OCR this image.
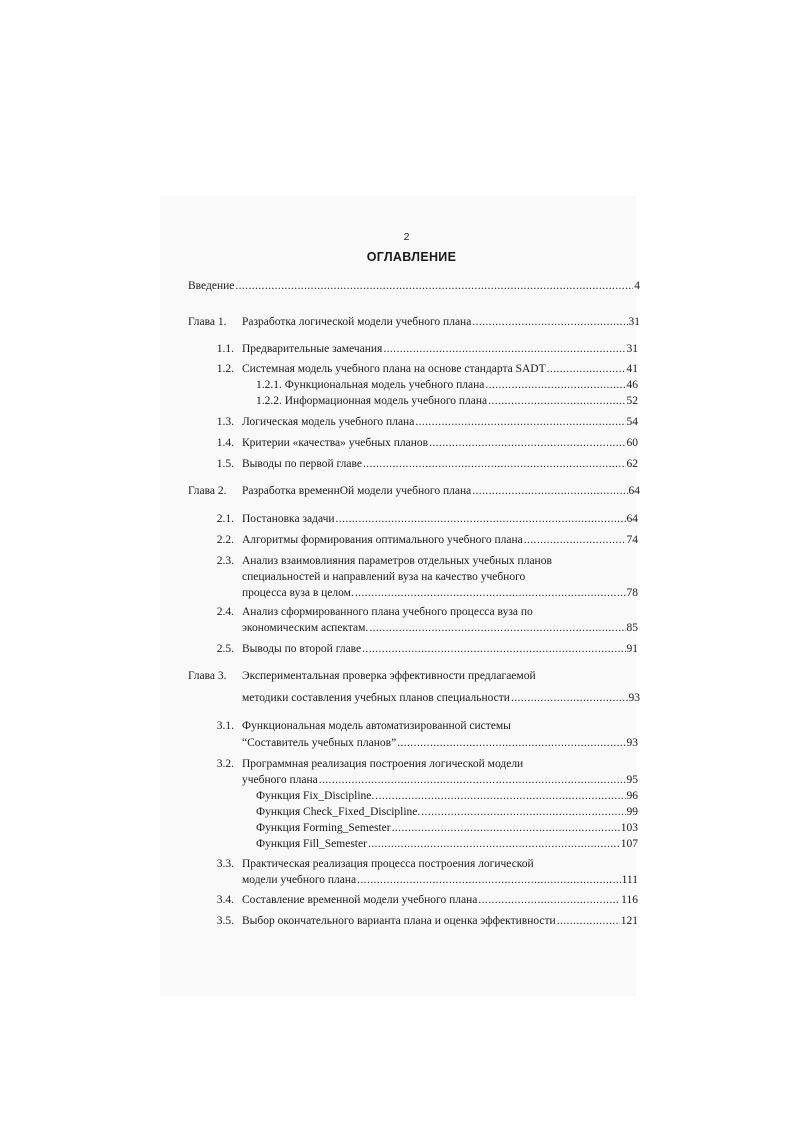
2
ОГЛАВЛЕНИЕ
Введение .....	4
Глава 1. Разработка логической модели учебного плана .....	31
1.1. Предварительные замечания .....	31
1.2. Системная модель учебного плана на основе стандарта SADT .....	41
1.2.1. Функциональная модель учебного плана .....	46
1.2.2. Информационная модель учебного плана .....	52
1.3. Логическая модель учебного плана .....	54
1.4. Критерии «качества» учебных планов .....	60
1.5. Выводы по первой главе .....	62
Глава 2. Разработка временнОй модели учебного плана .....	64
2.1. Постановка задачи .....	64
2.2. Алгоритмы формирования оптимального учебного плана .....	74
2.3. Анализ взаимовлияния параметров отдельных учебных планов
специальностей и направлений вуза на качество учебного
процесса вуза в целом. .....	78
2.4. Анализ сформированного плана учебного процесса вуза по
экономическим аспектам. .....	85
2.5. Выводы по второй главе .....	91
Глава 3. Экспериментальная проверка эффективности предлагаемой
методики составления учебных планов специальности .....	93
3.1. Функциональная модель автоматизированной системы
“Составитель учебных планов” .....	93
3.2. Программная реализация построения логической модели
учебного плана .....	95
Функция Fix_Discipline. .....	96
Функция Check_Fixed_Discipline. .....	99
Функция Forming_Semester .....	103
Функция Fill_Semester .....	107
3.3. Практическая реализация процесса построения логической
модели учебного плана .....	111
3.4. Составление временной модели учебного плана .....	116
3.5. Выбор окончательного варианта плана и оценка эффективности .....	121
